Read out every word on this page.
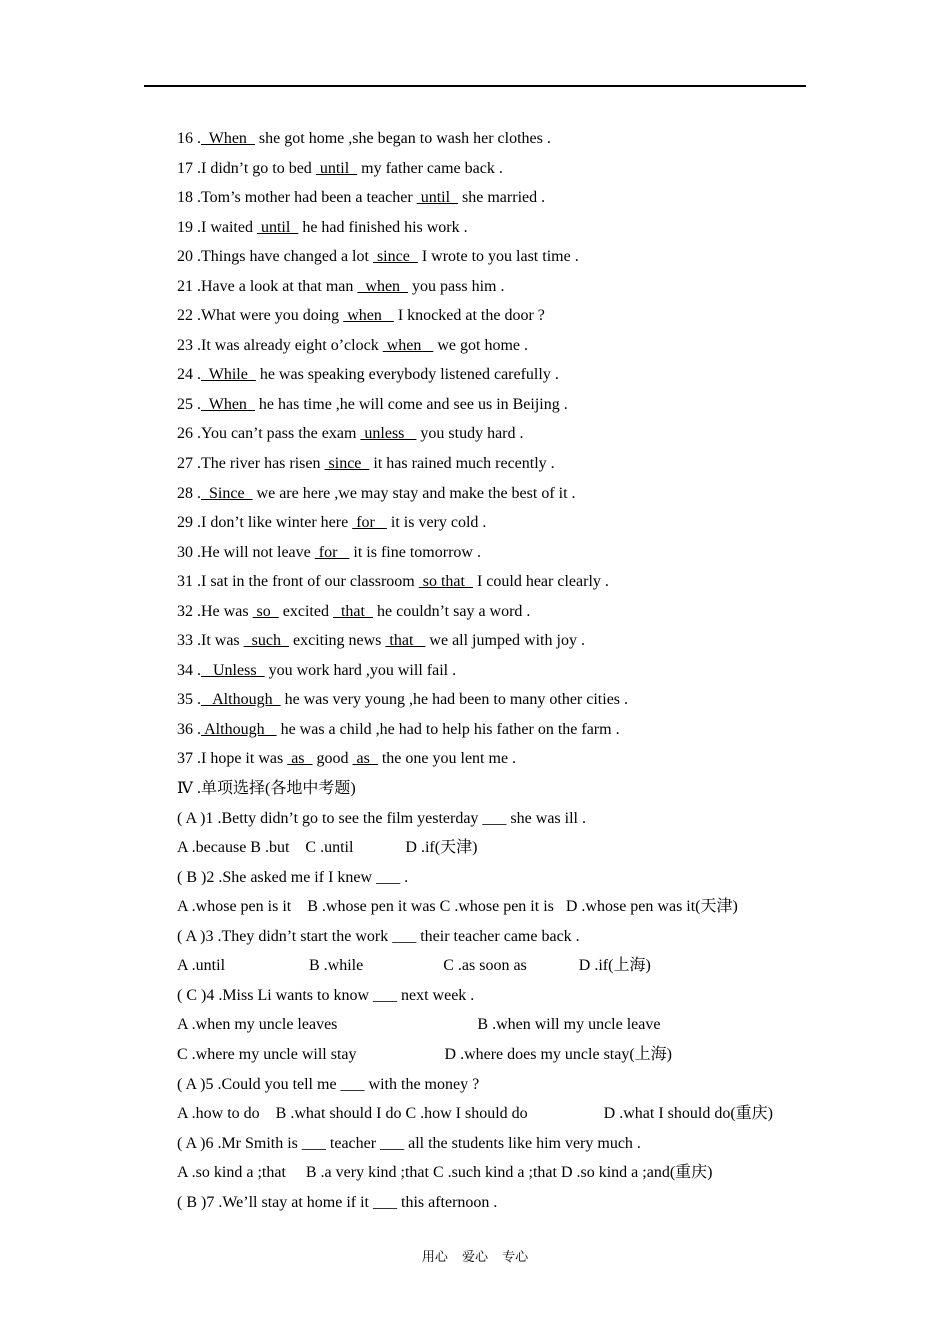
16 .  When   she got home ,she began to wash her clothes .
17 .I didn’t go to bed  until   my father came back .
18 .Tom’s mother had been a teacher  until   she married .
19 .I waited  until   he had finished his work .
20 .Things have changed a lot  since   I wrote to you last time .
21 .Have a look at that man   when   you pass him .
22 .What were you doing  when    I knocked at the door ?
23 .It was already eight o’clock  when    we got home .
24 .  While   he was speaking everybody listened carefully .
25 .  When   he has time ,he will come and see us in Beijing .
26 .You can’t pass the exam  unless    you study hard .
27 .The river has risen  since   it has rained much recently .
28 .  Since   we are here ,we may stay and make the best of it .
29 .I don’t like winter here  for    it is very cold .
30 .He will not leave  for    it is fine tomorrow .
31 .I sat in the front of our classroom  so that   I could hear clearly .
32 .He was  so   excited   that   he couldn’t say a word .
33 .It was   such   exciting news  that    we all jumped with joy .
34 .   Unless   you work hard ,you will fail .
35 .   Although   he was very young ,he had been to many other cities .
36 . Although    he was a child ,he had to help his father on the farm .
37 .I hope it was  as   good  as   the one you lent me .
Ⅳ .单项选择(各地中考题)
( A )1 .Betty didn’t go to see the film yesterday ___ she was ill .
A .because B .but    C .until             D .if(天津)
( B )2 .She asked me if I knew ___ .
A .whose pen is it    B .whose pen it was C .whose pen it is   D .whose pen was it(天津)
( A )3 .They didn’t start the work ___ their teacher came back .
A .until                     B .while                    C .as soon as             D .if(上海)
( C )4 .Miss Li wants to know ___ next week .
A .when my uncle leaves                                   B .when will my uncle leave
C .where my uncle will stay                      D .where does my uncle stay(上海)
( A )5 .Could you tell me ___ with the money ?
A .how to do    B .what should I do C .how I should do                   D .what I should do(重庆)
( A )6 .Mr Smith is ___ teacher ___ all the students like him very much .
A .so kind a ;that     B .a very kind ;that C .such kind a ;that D .so kind a ;and(重庆)
( B )7 .We’ll stay at home if it ___ this afternoon .
用心 爱心 专心
